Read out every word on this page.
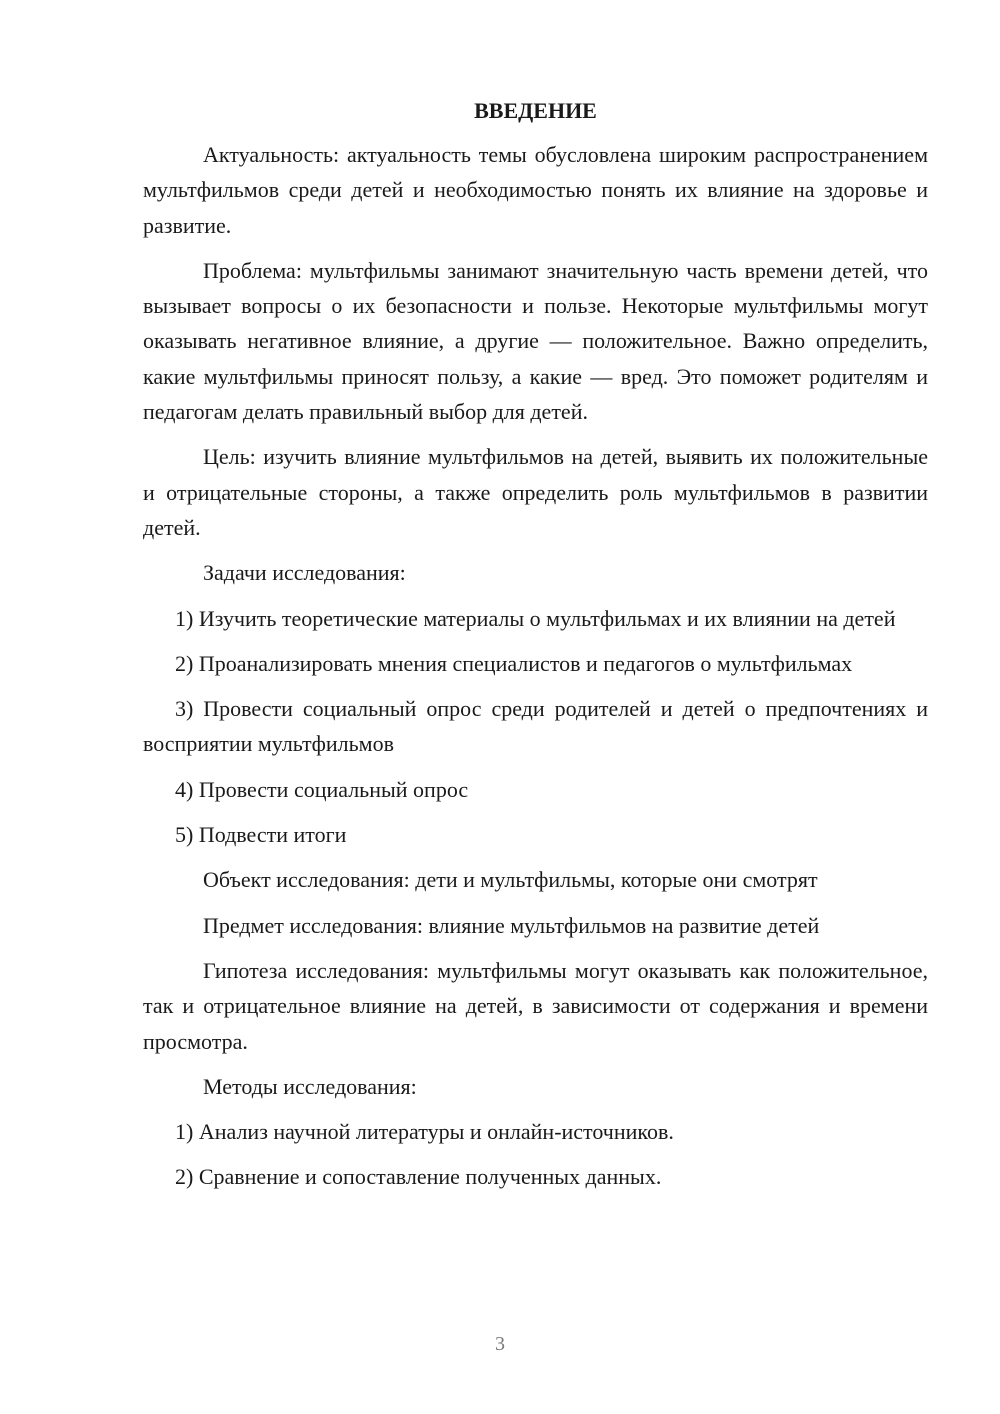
ВВЕДЕНИЕ

Актуальность: актуальность темы обусловлена широким распространением мультфильмов среди детей и необходимостью понять их влияние на здоровье и развитие.

Проблема: мультфильмы занимают значительную часть времени детей, что вызывает вопросы о их безопасности и пользе. Некоторые мультфильмы могут оказывать негативное влияние, а другие — положительное. Важно определить, какие мультфильмы приносят пользу, а какие — вред. Это поможет родителям и педагогам делать правильный выбор для детей.

Цель: изучить влияние мультфильмов на детей, выявить их положительные и отрицательные стороны, а также определить роль мультфильмов в развитии детей.

Задачи исследования:

1) Изучить теоретические материалы о мультфильмах и их влиянии на детей

2) Проанализировать мнения специалистов и педагогов о мультфильмах

3) Провести социальный опрос среди родителей и детей о предпочтениях и восприятии мультфильмов

4) Провести социальный опрос

5) Подвести итоги

Объект исследования: дети и мультфильмы, которые они смотрят

Предмет исследования: влияние мультфильмов на развитие детей

Гипотеза исследования: мультфильмы могут оказывать как положительное, так и отрицательное влияние на детей, в зависимости от содержания и времени просмотра.

Методы исследования:

1) Анализ научной литературы и онлайн-источников.

2) Сравнение и сопоставление полученных данных.

3
